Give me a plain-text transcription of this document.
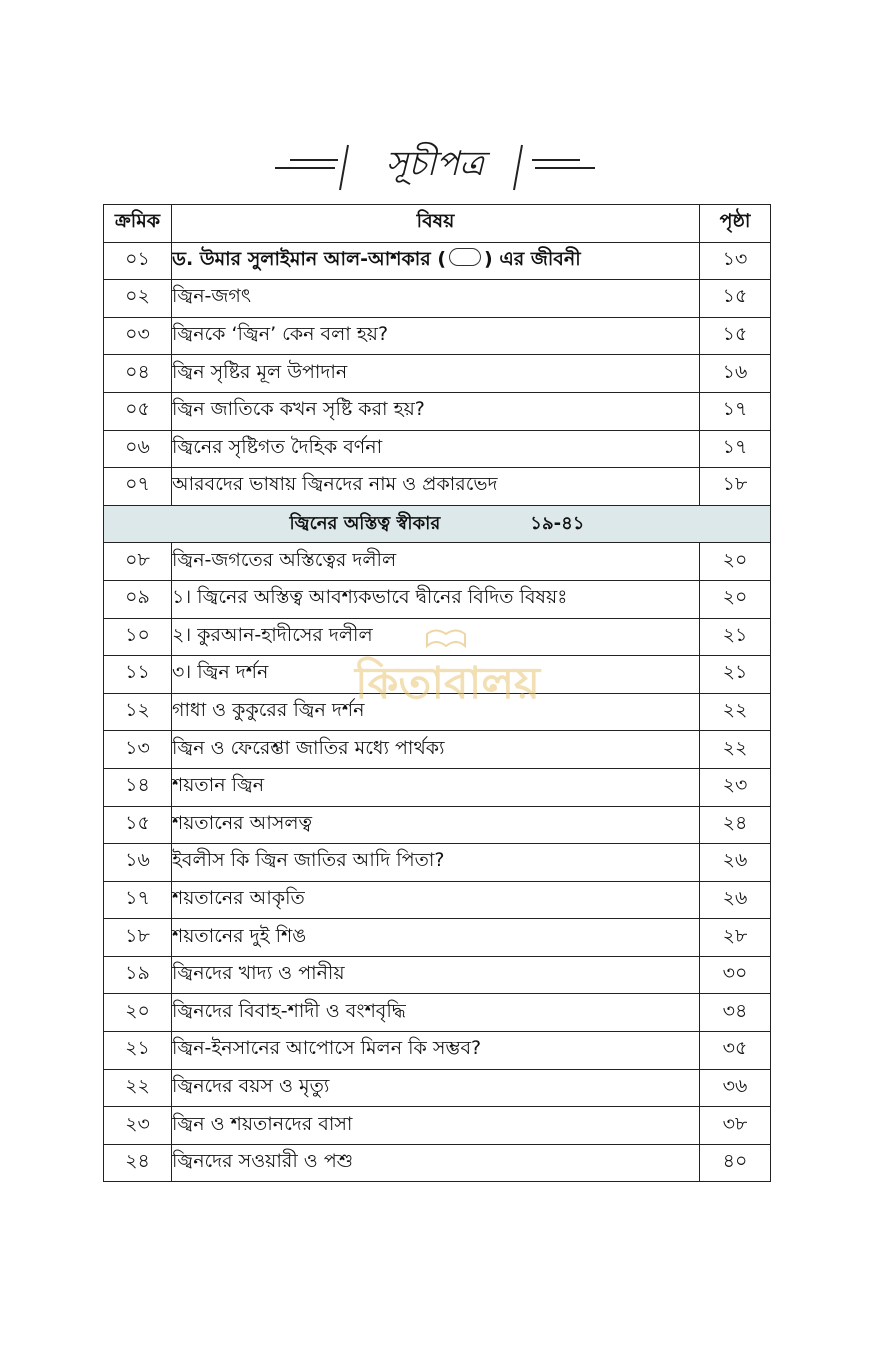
সূচীপত্র
ক্রমিক	বিষয়	পৃষ্ঠা
০১	ড. উমার সুলাইমান আল-আশকার ( ) এর জীবনী	১৩
০২	জ্বিন-জগৎ	১৫
০৩	জ্বিনকে ‘জ্বিন’ কেন বলা হয়?	১৫
০৪	জ্বিন সৃষ্টির মূল উপাদান	১৬
০৫	জ্বিন জাতিকে কখন সৃষ্টি করা হয়?	১৭
০৬	জ্বিনের সৃষ্টিগত দৈহিক বর্ণনা	১৭
০৭	আরবদের ভাষায় জ্বিনদের নাম ও প্রকারভেদ	১৮
জ্বিনের অস্তিত্ব স্বীকার ১৯-৪১		
০৮	জ্বিন-জগতের অস্তিত্বের দলীল	২০
০৯	১। জ্বিনের অস্তিত্ব আবশ্যকভাবে দ্বীনের বিদিত বিষয়ঃ	২০
১০	২। কুরআন-হাদীসের দলীল	২১
১১	৩। জ্বিন দর্শন	২১
১২	গাধা ও কুকুরের জ্বিন দর্শন	২২
১৩	জ্বিন ও ফেরেশ্তা জাতির মধ্যে পার্থক্য	২২
১৪	শয়তান জ্বিন	২৩
১৫	শয়তানের আসলত্ব	২৪
১৬	ইবলীস কি জ্বিন জাতির আদি পিতা?	২৬
১৭	শয়তানের আকৃতি	২৬
১৮	শয়তানের দুই শিঙ	২৮
১৯	জ্বিনদের খাদ্য ও পানীয়	৩০
২০	জ্বিনদের বিবাহ-শাদী ও বংশবৃদ্ধি	৩৪
২১	জ্বিন-ইনসানের আপোসে মিলন কি সম্ভব?	৩৫
২২	জ্বিনদের বয়স ও মৃত্যু	৩৬
২৩	জ্বিন ও শয়তানদের বাসা	৩৮
২৪	জ্বিনদের সওয়ারী ও পশু	৪০
কিতাবালয়
